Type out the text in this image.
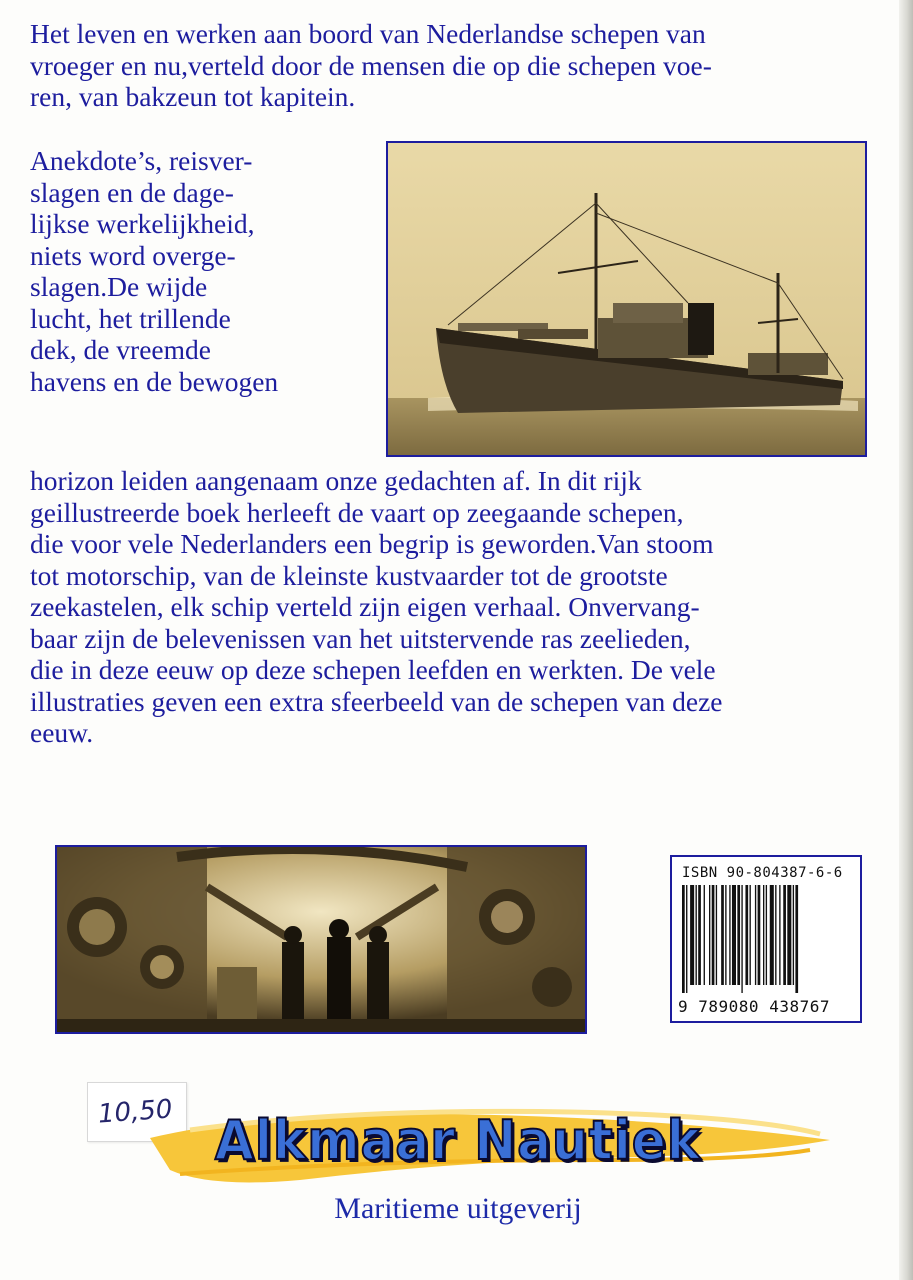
Het leven en werken aan boord van Nederlandse schepen van
vroeger en nu,verteld door de mensen die op die schepen voe-
ren, van bakzeun tot kapitein.

Anekdote’s, reisver-
slagen en de dage-
lijkse werkelijkheid,
niets word overge-
slagen.De wijde
lucht, het trillende
dek, de vreemde
havens en de bewogen

horizon leiden aangenaam onze gedachten af. In dit rijk
geillustreerde boek herleeft de vaart op zeegaande schepen,
die voor vele Nederlanders een begrip is geworden.Van stoom
tot motorschip, van de kleinste kustvaarder tot de grootste
zeekastelen, elk schip verteld zijn eigen verhaal. Onvervang-
baar zijn de belevenissen van het uitstervende ras zeelieden,
die in deze eeuw op deze schepen leefden en werkten. De vele
illustraties geven een extra sfeerbeeld van de schepen van deze
eeuw.

ISBN 90-804387-6-6
9 789080 438767
10,50 Alkmaar Nautiek
Maritieme uitgeverij
